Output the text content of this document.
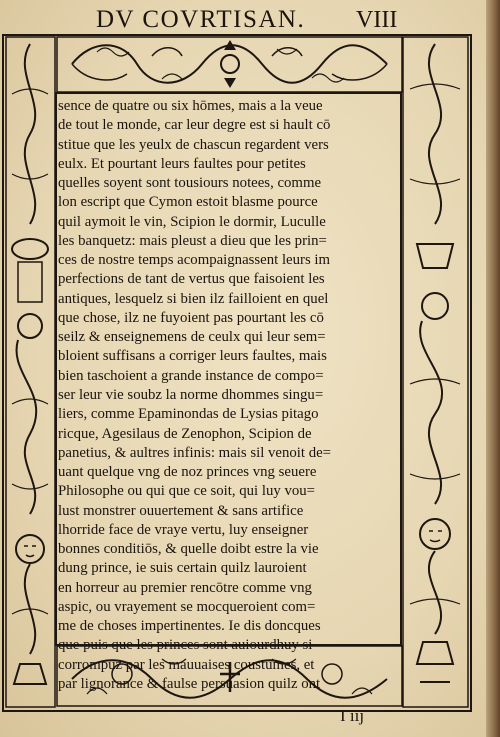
DV COVRTISAN. VIII
sence de quatre ou six hōmes, mais a la veue
de tout le monde, car leur degre est si hault cō
stitue que les yeulx de chascun regardent vers
eulx. Et pourtant leurs faultes pour petites
quelles soyent sont tousiours notees, comme
lon escript que Cymon estoit blasme pource
quil aymoit le vin, Scipion le dormir, Luculle
les banquetz: mais pleust a dieu que les prin=
ces de nostre temps acompaignassent leurs im
perfections de tant de vertus que faisoient les
antiques, lesquelz si bien ilz failloient en quel
que chose, ilz ne fuyoient pas pourtant les cō
seilz & enseignemens de ceulx qui leur sem=
bloient suffisans a corriger leurs faultes, mais
bien taschoient a grande instance de compo=
ser leur vie soubz la norme dhommes singu=
liers, comme Epaminondas de Lysias pitago
ricque, Agesilaus de Zenophon, Scipion de
panetius, & aultres infinis: mais sil venoit de=
uant quelque vng de noz princes vng seuere
Philosophe ou qui que ce soit, qui luy vou=
lust monstrer ouuertement & sans artifice
lhorride face de vraye vertu, luy enseigner
bonnes conditiōs, & quelle doibt estre la vie
dung prince, ie suis certain quilz lauroient
en horreur au premier rencōtre comme vng
aspic, ou vrayement se mocqueroient com=
me de choses impertinentes. Ie dis doncques
que puis que les princes sont auiourdhuy si
corrompuz par les mauuaises coustumes, et
par lignorance & faulse persuasion quilz ont
I iij
